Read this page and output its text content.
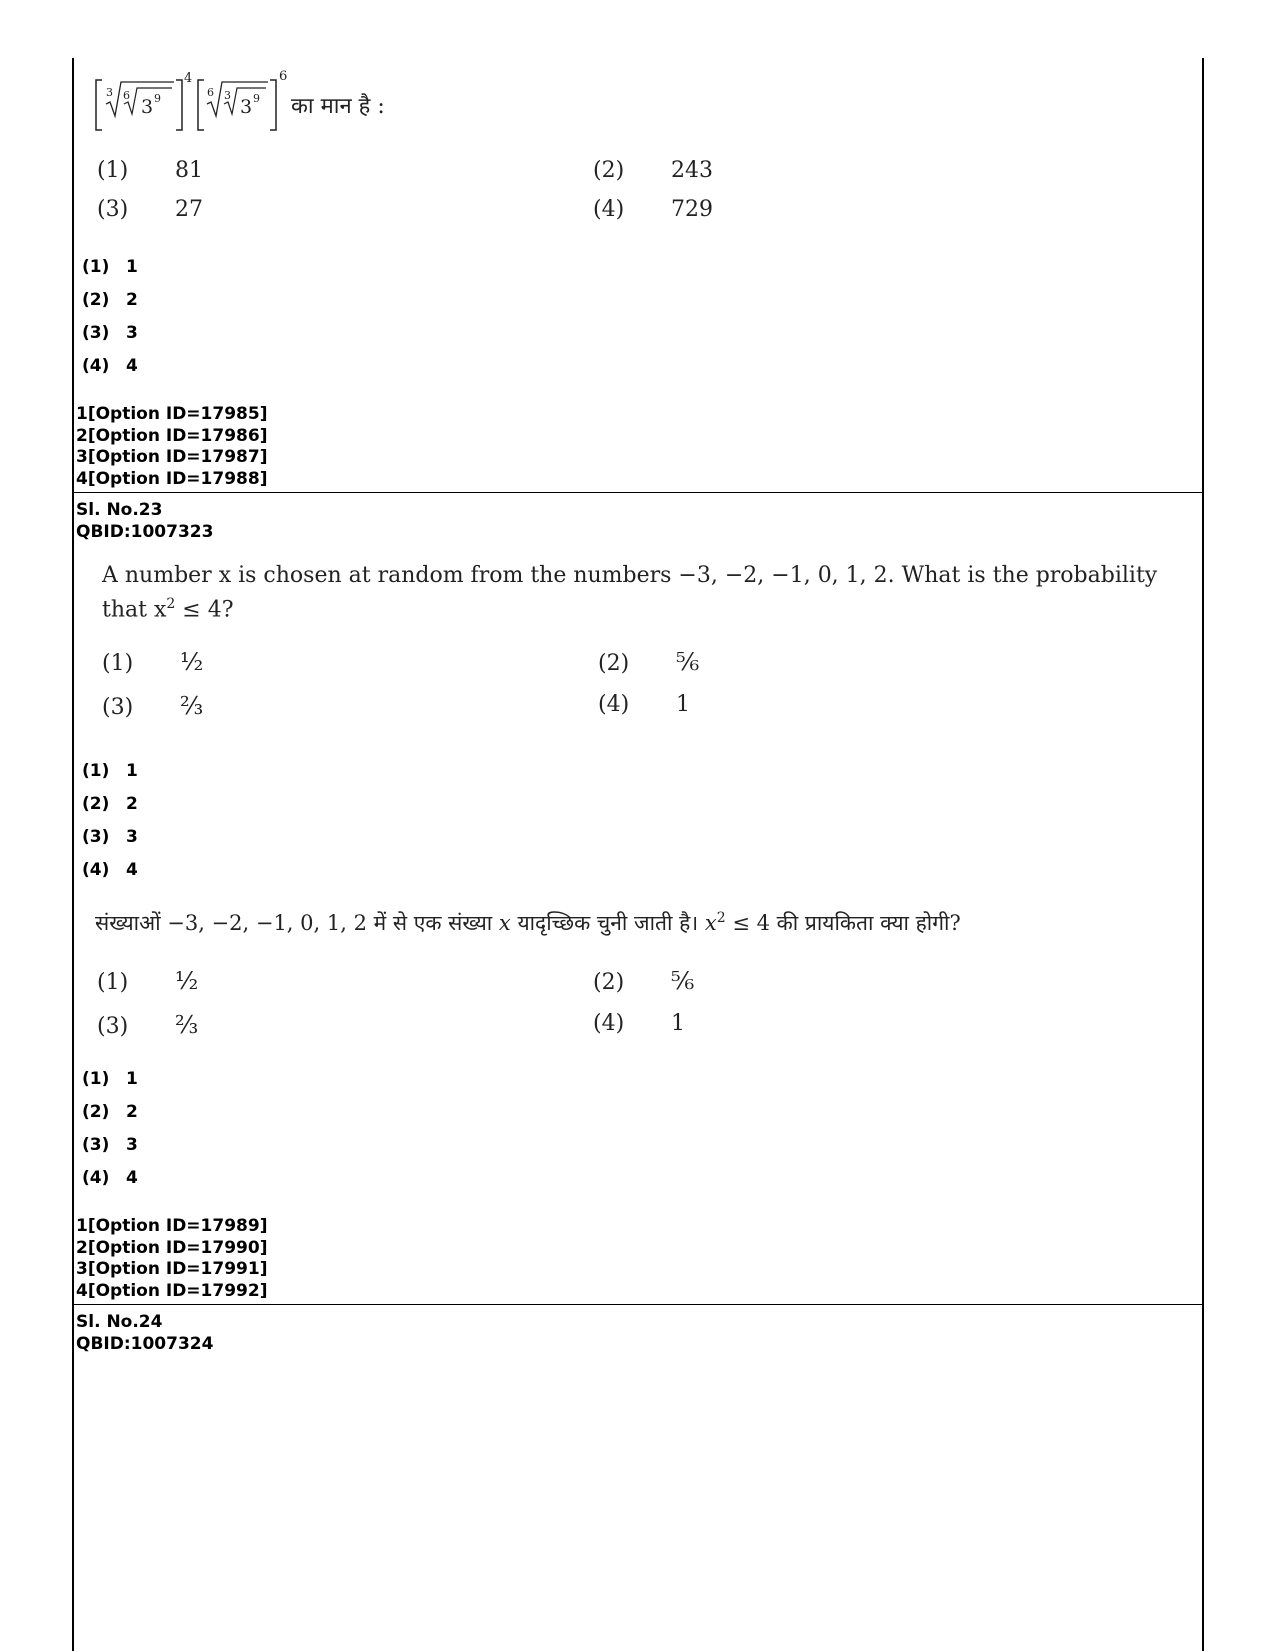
3 6
3 9
4
6 3
3 9
6
का मान है :
(1) 81	(2) 243
(3) 27	(4) 729
(1) 1
(2) 2
(3) 3
(4) 4
1[Option ID=17985]
2[Option ID=17986]
3[Option ID=17987]
4[Option ID=17988]
Sl. No.23
QBID:1007323
A number x is chosen at random from the numbers −3, −2, −1, 0, 1, 2. What is the probability
that $x^2 \le 4$?
(1) ½	(2) ⅚
(3) ⅔	(4) 1
(1) 1
(2) 2
(3) 3
(4) 4
संख्याओं −3, −2, −1, 0, 1, 2 में से एक संख्या x यादृच्छिक चुनी जाती है। $x^2 \le 4$ की प्रायकिता क्या होगी?
(1) ½	(2) ⅚
(3) ⅔	(4) 1
(1) 1
(2) 2
(3) 3
(4) 4
1[Option ID=17989]
2[Option ID=17990]
3[Option ID=17991]
4[Option ID=17992]
Sl. No.24
QBID:1007324
